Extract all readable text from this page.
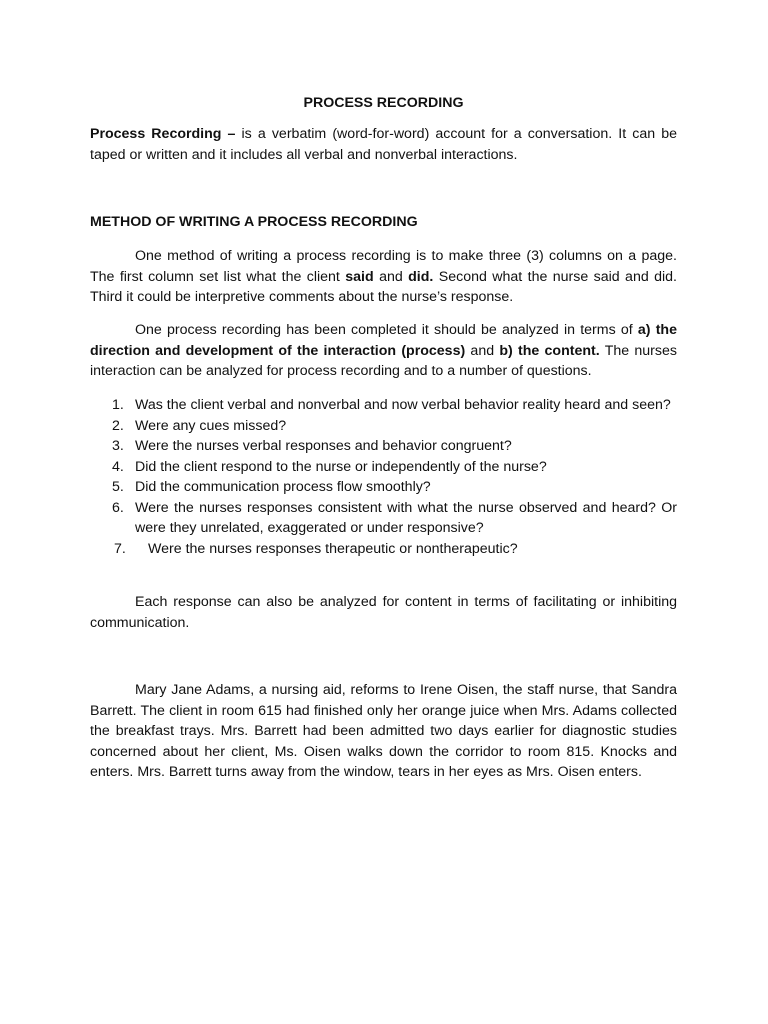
PROCESS RECORDING
Process Recording – is a verbatim (word-for-word) account for a conversation. It can be taped or written and it includes all verbal and nonverbal interactions.
METHOD OF WRITING A PROCESS RECORDING
One method of writing a process recording is to make three (3) columns on a page. The first column set list what the client said and did. Second what the nurse said and did. Third it could be interpretive comments about the nurse’s response.
One process recording has been completed it should be analyzed in terms of a) the direction and development of the interaction (process) and b) the content. The nurses interaction can be analyzed for process recording and to a number of questions.
1. Was the client verbal and nonverbal and now verbal behavior reality heard and seen?
2. Were any cues missed?
3. Were the nurses verbal responses and behavior congruent?
4. Did the client respond to the nurse or independently of the nurse?
5. Did the communication process flow smoothly?
6. Were the nurses responses consistent with what the nurse observed and heard? Or were they unrelated, exaggerated or under responsive?
7. Were the nurses responses therapeutic or nontherapeutic?
Each response can also be analyzed for content in terms of facilitating or inhibiting communication.
Mary Jane Adams, a nursing aid, reforms to Irene Oisen, the staff nurse, that Sandra Barrett. The client in room 615 had finished only her orange juice when Mrs. Adams collected the breakfast trays. Mrs. Barrett had been admitted two days earlier for diagnostic studies concerned about her client, Ms. Oisen walks down the corridor to room 815. Knocks and enters. Mrs. Barrett turns away from the window, tears in her eyes as Mrs. Oisen enters.
